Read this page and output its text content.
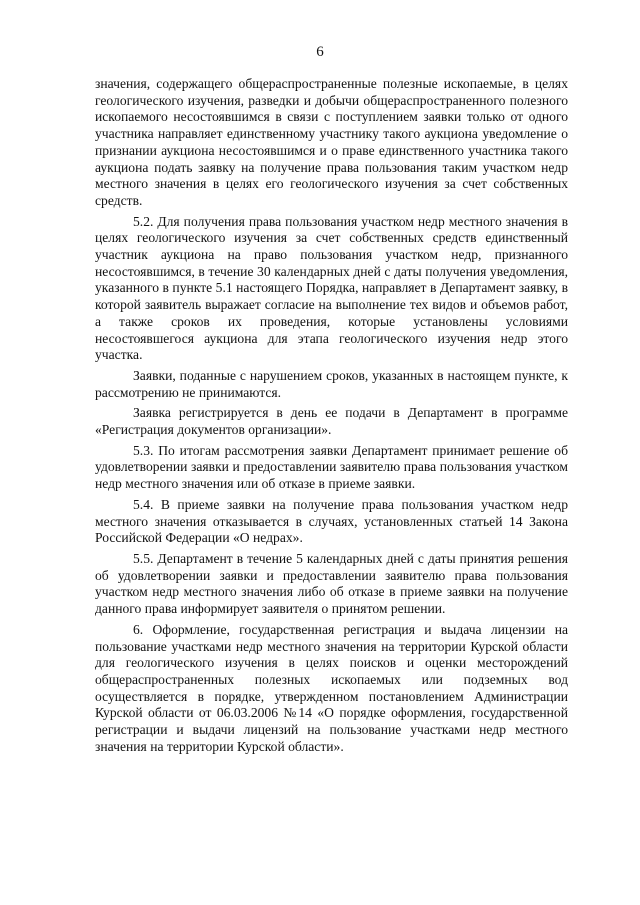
6

значения, содержащего общераспространенные полезные ископаемые, в целях геологического изучения, разведки и добычи общераспространенного полезного ископаемого несостоявшимся в связи с поступлением заявки только от одного участника направляет единственному участнику такого аукциона уведомление о признании аукциона несостоявшимся и о праве единственного участника такого аукциона подать заявку на получение права пользования таким участком недр местного значения в целях его геологического изучения за счет собственных средств.

5.2. Для получения права пользования участком недр местного значения в целях геологического изучения за счет собственных средств единственный участник аукциона на право пользования участком недр, признанного несостоявшимся, в течение 30 календарных дней с даты получения уведомления, указанного в пункте 5.1 настоящего Порядка, направляет в Департамент заявку, в которой заявитель выражает согласие на выполнение тех видов и объемов работ, а также сроков их проведения, которые установлены условиями несостоявшегося аукциона для этапа геологического изучения недр этого участка.

Заявки, поданные с нарушением сроков, указанных в настоящем пункте, к рассмотрению не принимаются.

Заявка регистрируется в день ее подачи в Департамент в программе «Регистрация документов организации».

5.3. По итогам рассмотрения заявки Департамент принимает решение об удовлетворении заявки и предоставлении заявителю права пользования участком недр местного значения или об отказе в приеме заявки.

5.4. В приеме заявки на получение права пользования участком недр местного значения отказывается в случаях, установленных статьей 14 Закона Российской Федерации «О недрах».

5.5. Департамент в течение 5 календарных дней с даты принятия решения об удовлетворении заявки и предоставлении заявителю права пользования участком недр местного значения либо об отказе в приеме заявки на получение данного права информирует заявителя о принятом решении.

6. Оформление, государственная регистрация и выдача лицензии на пользование участками недр местного значения на территории Курской области для геологического изучения в целях поисков и оценки месторождений общераспространенных полезных ископаемых или подземных вод осуществляется в порядке, утвержденном постановлением Администрации Курской области от 06.03.2006 №14 «О порядке оформления, государственной регистрации и выдачи лицензий на пользование участками недр местного значения на территории Курской области».
